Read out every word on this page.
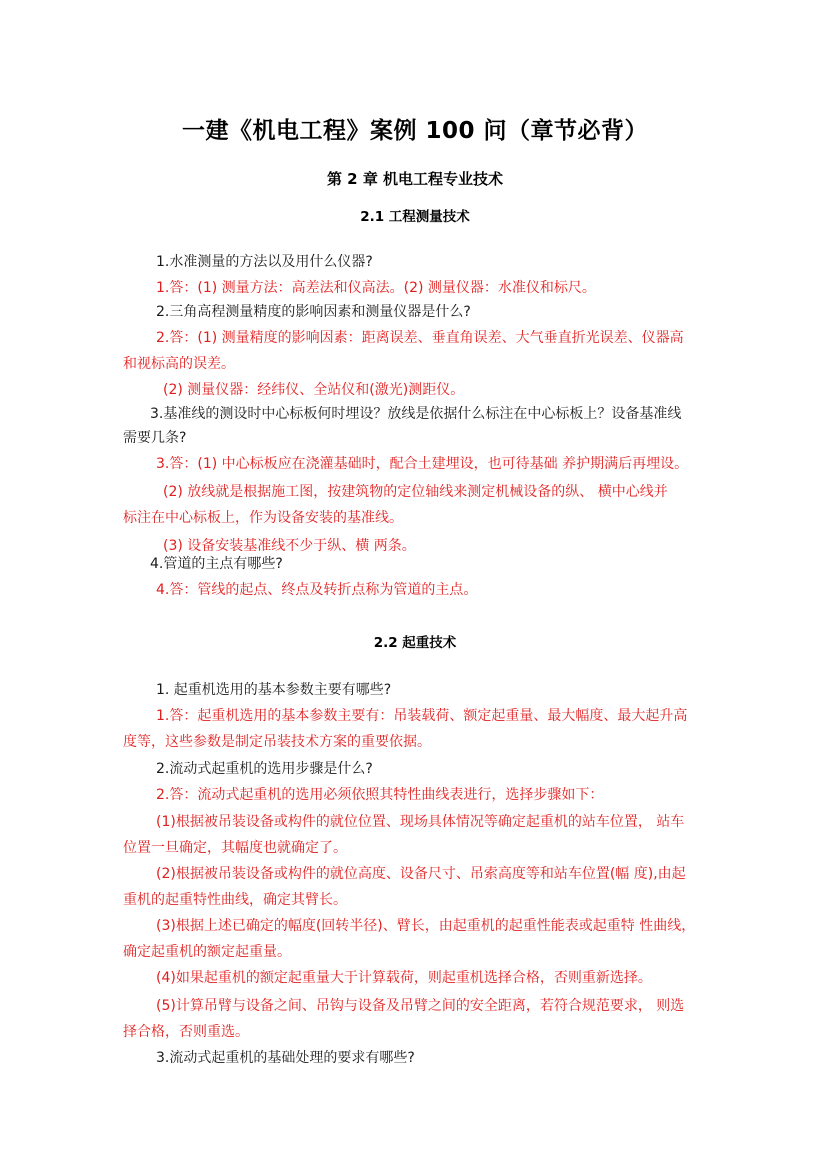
一建《机电工程》案例 100 问（章节必背）
第 2 章 机电工程专业技术
2.1 工程测量技术
1.水准测量的方法以及用什么仪器?
1.答：(1) 测量方法：高差法和仪高法。(2) 测量仪器：水准仪和标尺。
2.三角高程测量精度的影响因素和测量仪器是什么?
2.答：(1) 测量精度的影响因素：距离误差、垂直角误差、大气垂直折光误差、仪器高
和视标高的误差。
(2) 测量仪器：经纬仪、全站仪和(激光)测距仪。
3.基准线的测设时中心标板何时埋设？放线是依据什么标注在中心标板上？设备基准线
需要几条?
3.答：(1) 中心标板应在浇灌基础时，配合土建埋设，也可待基础 养护期满后再埋设。
(2) 放线就是根据施工图，按建筑物的定位轴线来测定机械设备的纵、 横中心线并
标注在中心标板上，作为设备安装的基准线。
(3) 设备安装基准线不少于纵、横 两条。
4.管道的主点有哪些?
4.答：管线的起点、终点及转折点称为管道的主点。
2.2 起重技术
1. 起重机选用的基本参数主要有哪些?
1.答：起重机选用的基本参数主要有：吊装载荷、额定起重量、最大幅度、最大起升高
度等，这些参数是制定吊装技术方案的重要依据。
2.流动式起重机的选用步骤是什么?
2.答：流动式起重机的选用必须依照其特性曲线表进行，选择步骤如下：
(1)根据被吊装设备或构件的就位位置、现场具体情况等确定起重机的站车位置， 站车
位置一旦确定，其幅度也就确定了。
(2)根据被吊装设备或构件的就位高度、设备尺寸、吊索高度等和站车位置(幅 度),由起
重机的起重特性曲线，确定其臂长。
(3)根据上述已确定的幅度(回转半径)、臂长，由起重机的起重性能表或起重特 性曲线，
确定起重机的额定起重量。
(4)如果起重机的额定起重量大于计算载荷，则起重机选择合格，否则重新选择。
(5)计算吊臂与设备之间、吊钩与设备及吊臂之间的安全距离，若符合规范要求， 则选
择合格，否则重选。
3.流动式起重机的基础处理的要求有哪些?
